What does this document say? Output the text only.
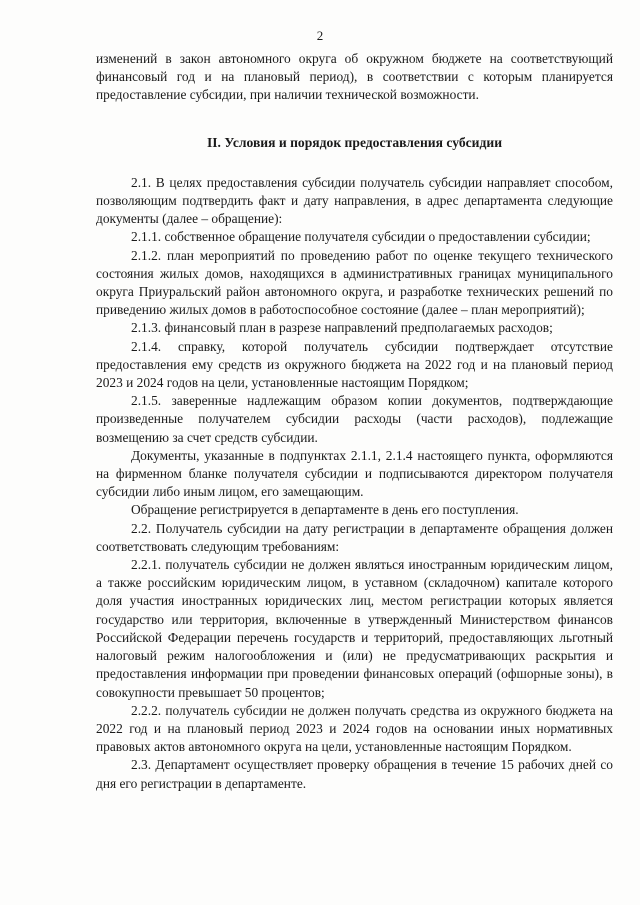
2

изменений в закон автономного округа об окружном бюджете на соответствующий финансовый год и на плановый период), в соответствии с которым планируется предоставление субсидии, при наличии технической возможности.

II. Условия и порядок предоставления субсидии

2.1. В целях предоставления субсидии получатель субсидии направляет способом, позволяющим подтвердить факт и дату направления, в адрес департамента следующие документы (далее – обращение):

2.1.1. собственное обращение получателя субсидии о предоставлении субсидии;

2.1.2. план мероприятий по проведению работ по оценке текущего технического состояния жилых домов, находящихся в административных границах муниципального округа Приуральский район автономного округа, и разработке технических решений по приведению жилых домов в работоспособное состояние (далее – план мероприятий);

2.1.3. финансовый план в разрезе направлений предполагаемых расходов;

2.1.4. справку, которой получатель субсидии подтверждает отсутствие предоставления ему средств из окружного бюджета на 2022 год и на плановый период 2023 и 2024 годов на цели, установленные настоящим Порядком;

2.1.5. заверенные надлежащим образом копии документов, подтверждающие произведенные получателем субсидии расходы (части расходов), подлежащие возмещению за счет средств субсидии.

Документы, указанные в подпунктах 2.1.1, 2.1.4 настоящего пункта, оформляются на фирменном бланке получателя субсидии и подписываются директором получателя субсидии либо иным лицом, его замещающим.

Обращение регистрируется в департаменте в день его поступления.

2.2. Получатель субсидии на дату регистрации в департаменте обращения должен соответствовать следующим требованиям:

2.2.1. получатель субсидии не должен являться иностранным юридическим лицом, а также российским юридическим лицом, в уставном (складочном) капитале которого доля участия иностранных юридических лиц, местом регистрации которых является государство или территория, включенные в утвержденный Министерством финансов Российской Федерации перечень государств и территорий, предоставляющих льготный налоговый режим налогообложения и (или) не предусматривающих раскрытия и предоставления информации при проведении финансовых операций (офшорные зоны), в совокупности превышает 50 процентов;

2.2.2. получатель субсидии не должен получать средства из окружного бюджета на 2022 год и на плановый период 2023 и 2024 годов на основании иных нормативных правовых актов автономного округа на цели, установленные настоящим Порядком.

2.3. Департамент осуществляет проверку обращения в течение 15 рабочих дней со дня его регистрации в департаменте.
